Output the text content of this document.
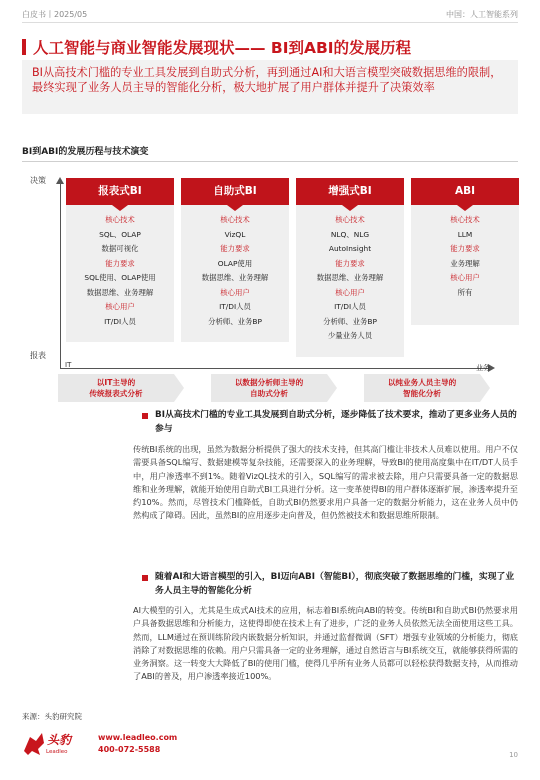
白皮书丨2025/05	中国：人工智能系列
人工智能与商业智能发展现状—— BI到ABI的发展历程
BI从高技术门槛的专业工具发展到自助式分析，再到通过AI和大语言模型突破数据思维的限制，最终实现了业务人员主导的智能化分析，极大地扩展了用户群体并提升了决策效率
BI到ABI的发展历程与技术演变
决策
报表
IT	业务
报表式BI
核心技术
SQL、OLAP
数据可视化
能力要求
SQL使用、OLAP使用
数据思维、业务理解
核心用户
IT/DI人员
自助式BI
核心技术
VizQL
能力要求
OLAP使用
数据思维、业务理解
核心用户
IT/DI人员
分析师、业务BP
增强式BI
核心技术
NLQ、NLG
AutoInsight
能力要求
数据思维、业务理解
核心用户
IT/DI人员
分析师、业务BP
少量业务人员
ABI
核心技术
LLM
能力要求
业务理解
核心用户
所有
以IT主导的
传统报表式分析
以数据分析师主导的
自助式分析
以纯业务人员主导的
智能化分析
BI从高技术门槛的专业工具发展到自助式分析，逐步降低了技术要求，推动了更多业务人员的参与
传统BI系统的出现，虽然为数据分析提供了强大的技术支持，但其高门槛让非技术人员难以使用。用户不仅需要具备SQL编写、数据建模等复杂技能，还需要深入的业务理解，导致BI的使用高度集中在IT/DT人员手中，用户渗透率不到1%。随着VizQL技术的引入，SQL编写的需求被去除，用户只需要具备一定的数据思维和业务理解，就能开始使用自助式BI工具进行分析。这一变革使得BI的用户群体逐渐扩展，渗透率提升至约10%。然而，尽管技术门槛降低，自助式BI仍然要求用户具备一定的数据分析能力，这在业务人员中仍然构成了障碍。因此，虽然BI的应用逐步走向普及，但仍然被技术和数据思维所限制。
随着AI和大语言模型的引入，BI迈向ABI（智能BI），彻底突破了数据思维的门槛，实现了业务人员主导的智能化分析
AI大模型的引入，尤其是生成式AI技术的应用，标志着BI系统向ABI的转变。传统BI和自助式BI仍然要求用户具备数据思维和分析能力，这使得即使在技术上有了进步，广泛的业务人员依然无法全面使用这些工具。然而，LLM通过在预训练阶段内嵌数据分析知识，并通过监督微调（SFT）增强专业领域的分析能力，彻底消除了对数据思维的依赖。用户只需具备一定的业务理解，通过自然语言与BI系统交互，就能够获得所需的业务洞察。这一转变大大降低了BI的使用门槛，使得几乎所有业务人员都可以轻松获得数据支持，从而推动了ABI的普及，用户渗透率接近100%。
来源：头豹研究院
头豹
Leadleo
www.leadleo.com
400-072-5588
10
